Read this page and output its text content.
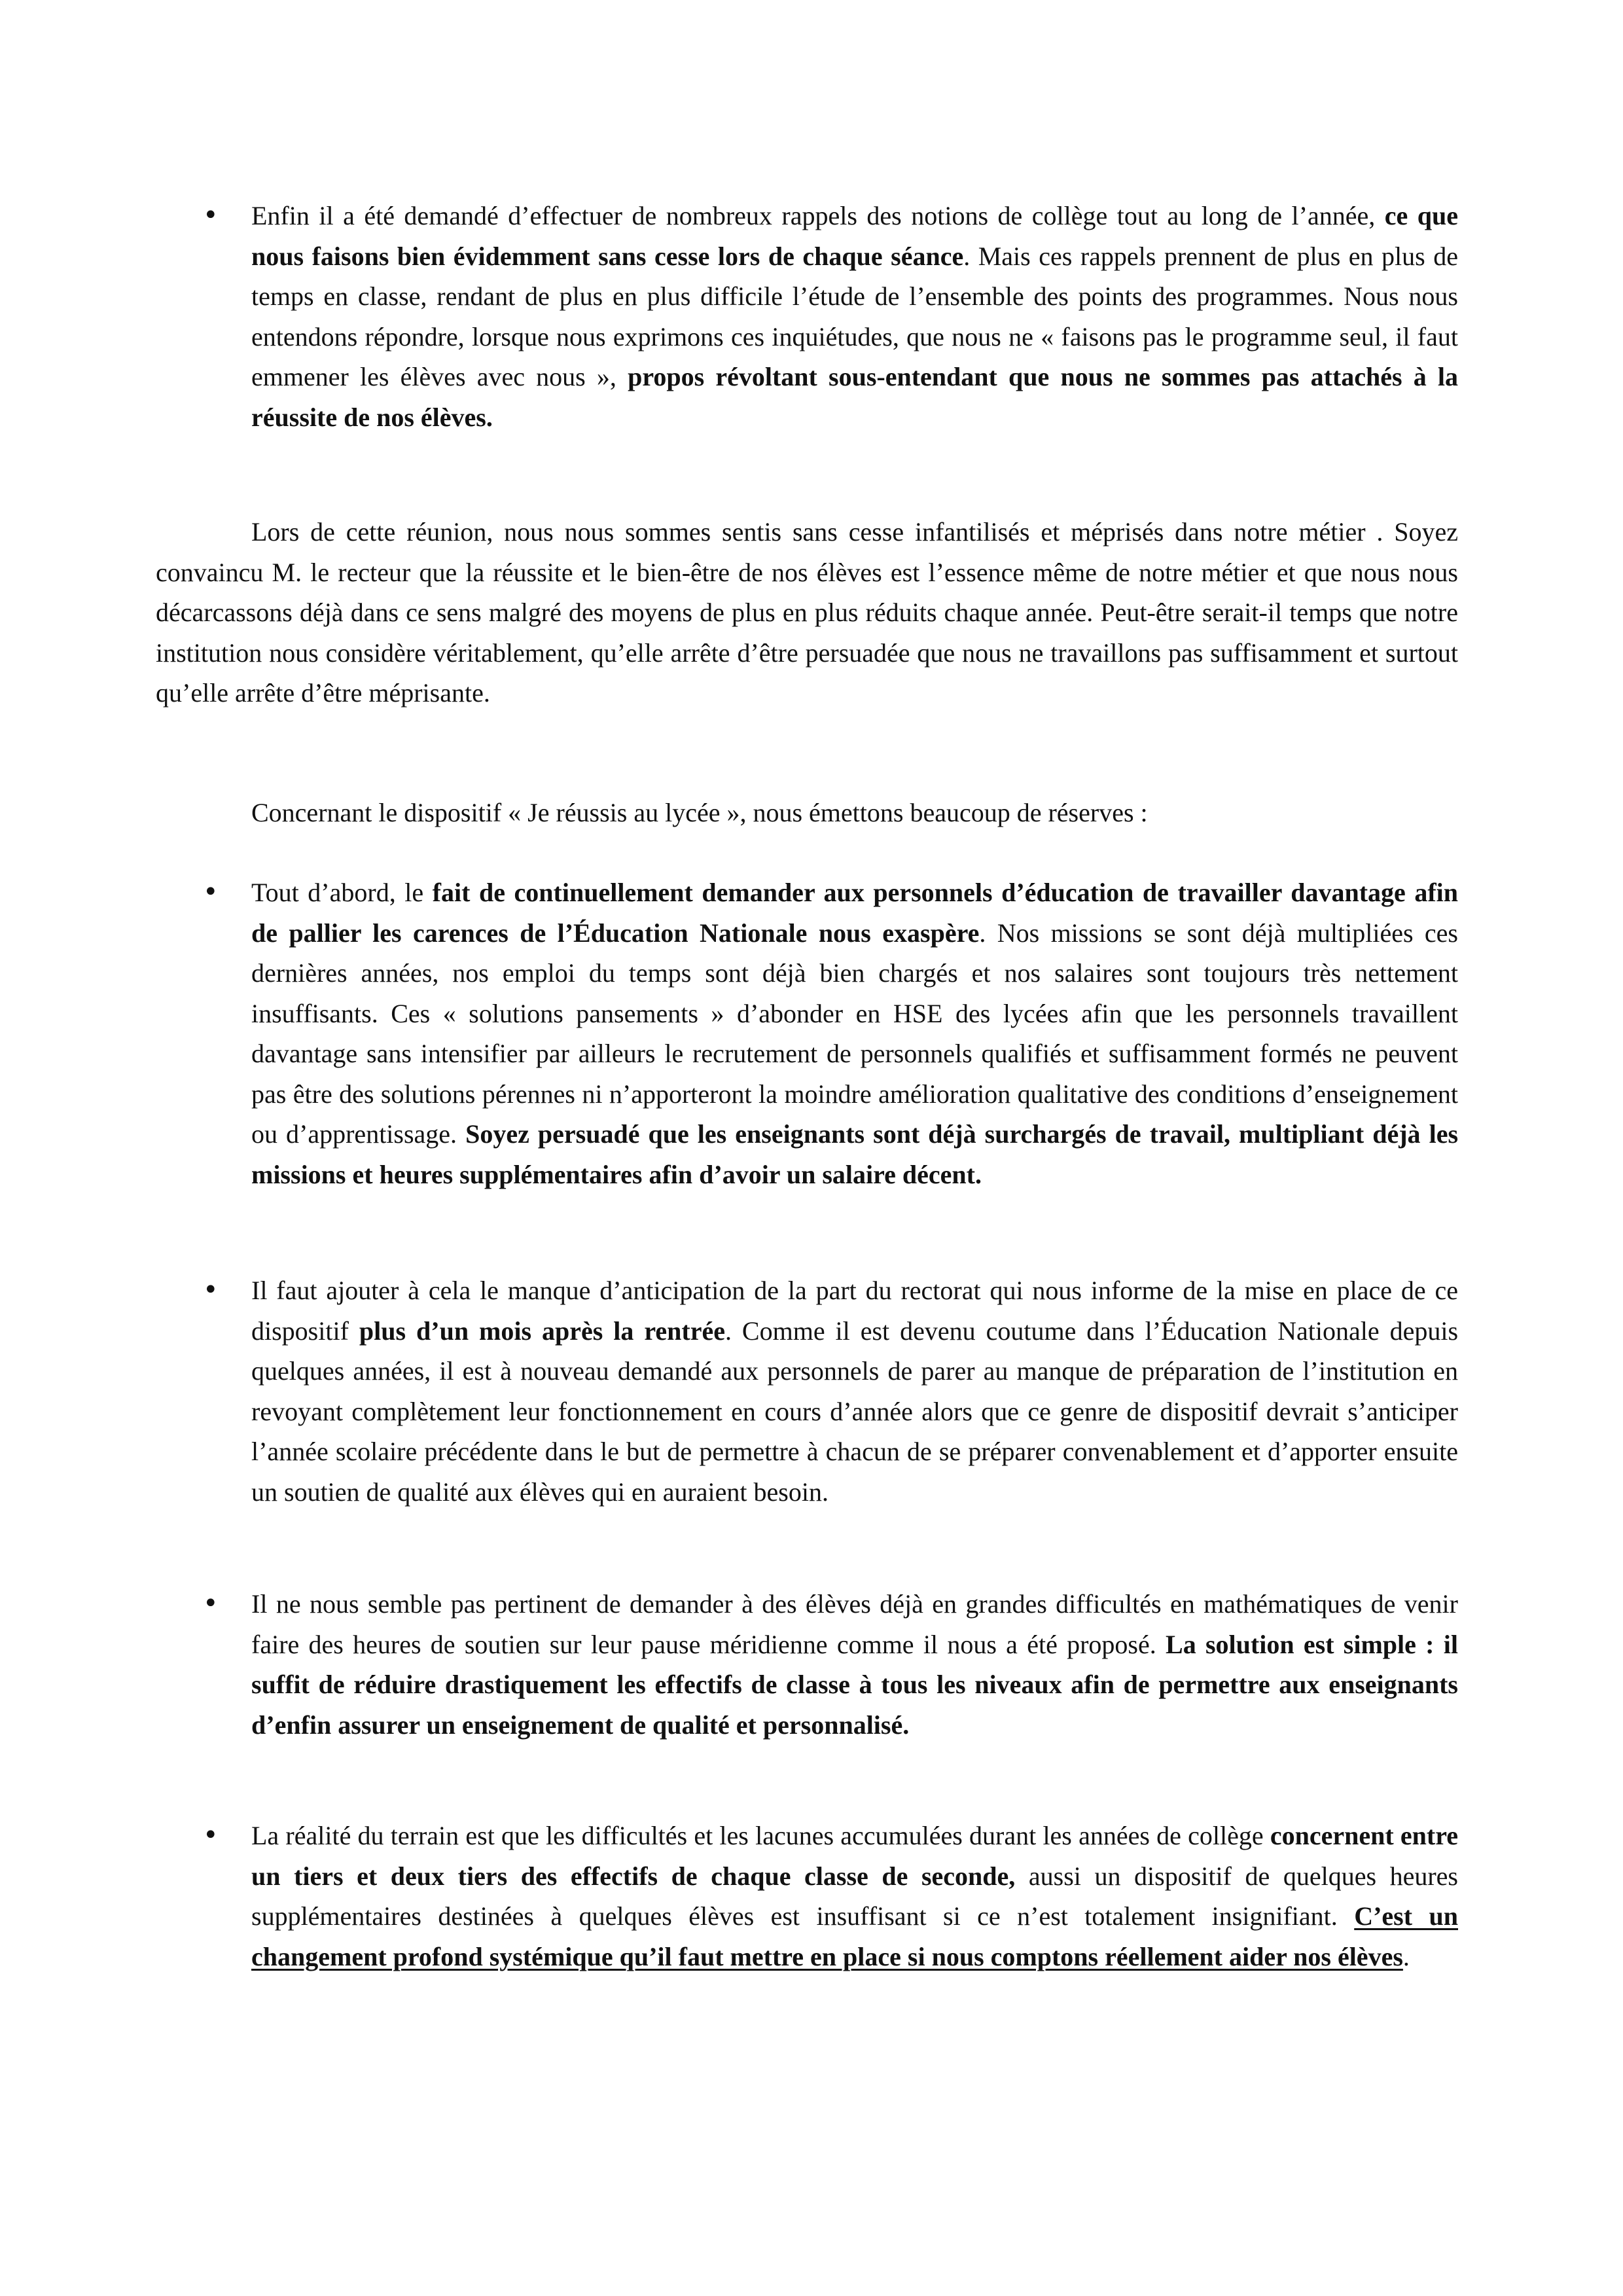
• Enfin il a été demandé d’effectuer de nombreux rappels des notions de collège tout au long de l’année, ce que nous faisons bien évidemment sans cesse lors de chaque séance. Mais ces rappels prennent de plus en plus de temps en classe, rendant de plus en plus difficile l’étude de l’ensemble des points des programmes. Nous nous entendons répondre, lorsque nous exprimons ces inquiétudes, que nous ne « faisons pas le programme seul, il faut emmener les élèves avec nous », propos révoltant sous-entendant que nous ne sommes pas attachés à la réussite de nos élèves.
Lors de cette réunion, nous nous sommes sentis sans cesse infantilisés et méprisés dans notre métier . Soyez convaincu M. le recteur que la réussite et le bien-être de nos élèves est l’essence même de notre métier et que nous nous décarcassons déjà dans ce sens malgré des moyens de plus en plus réduits chaque année. Peut-être serait-il temps que notre institution nous considère véritablement, qu’elle arrête d’être persuadée que nous ne travaillons pas suffisamment et surtout qu’elle arrête d’être méprisante.
Concernant le dispositif « Je réussis au lycée », nous émettons beaucoup de réserves :
• Tout d’abord, le fait de continuellement demander aux personnels d’éducation de travailler davantage afin de pallier les carences de l’Éducation Nationale nous exaspère. Nos missions se sont déjà multipliées ces dernières années, nos emploi du temps sont déjà bien chargés et nos salaires sont toujours très nettement insuffisants. Ces « solutions pansements » d’abonder en HSE des lycées afin que les personnels travaillent davantage sans intensifier par ailleurs le recrutement de personnels qualifiés et suffisamment formés ne peuvent pas être des solutions pérennes ni n’apporteront la moindre amélioration qualitative des conditions d’enseignement ou d’apprentissage. Soyez persuadé que les enseignants sont déjà surchargés de travail, multipliant déjà les missions et heures supplémentaires afin d’avoir un salaire décent.
• Il faut ajouter à cela le manque d’anticipation de la part du rectorat qui nous informe de la mise en place de ce dispositif plus d’un mois après la rentrée. Comme il est devenu coutume dans l’Éducation Nationale depuis quelques années, il est à nouveau demandé aux personnels de parer au manque de préparation de l’institution en revoyant complètement leur fonctionnement en cours d’année alors que ce genre de dispositif devrait s’anticiper l’année scolaire précédente dans le but de permettre à chacun de se préparer convenablement et d’apporter ensuite un soutien de qualité aux élèves qui en auraient besoin.
• Il ne nous semble pas pertinent de demander à des élèves déjà en grandes difficultés en mathématiques de venir faire des heures de soutien sur leur pause méridienne comme il nous a été proposé. La solution est simple : il suffit de réduire drastiquement les effectifs de classe à tous les niveaux afin de permettre aux enseignants d’enfin assurer un enseignement de qualité et personnalisé.
• La réalité du terrain est que les difficultés et les lacunes accumulées durant les années de collège concernent entre un tiers et deux tiers des effectifs de chaque classe de seconde, aussi un dispositif de quelques heures supplémentaires destinées à quelques élèves est insuffisant si ce n’est totalement insignifiant. C’est un changement profond systémique qu’il faut mettre en place si nous comptons réellement aider nos élèves.
